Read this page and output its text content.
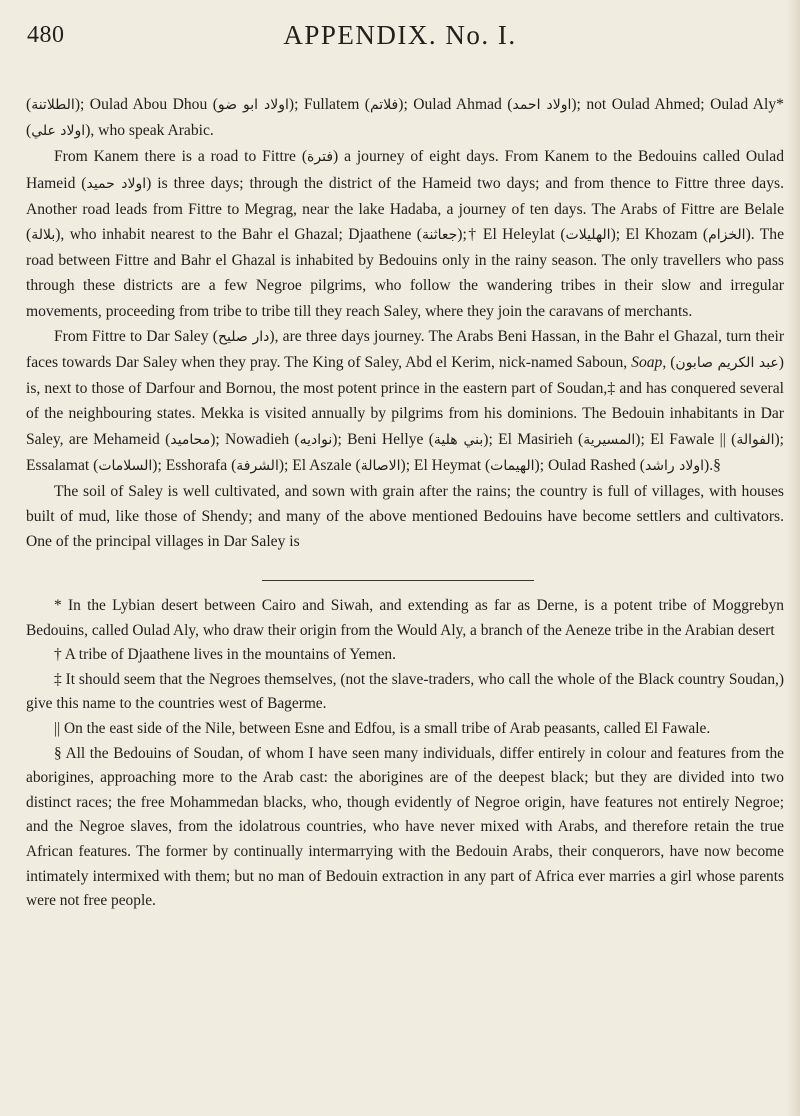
480	APPENDIX. No. I.

(الطلاتنة); Oulad Abou Dhou (اولاد ابو ضو); Fullatem (فلاتم); Oulad Ahmad (اولاد احمد); not Oulad Ahmed; Oulad Aly* (اولاد علي), who speak Arabic.

From Kanem there is a road to Fittre (فترة) a journey of eight days. From Kanem to the Bedouins called Oulad Hameid (اولاد حميد) is three days; through the district of the Hameid two days; and from thence to Fittre three days. Another road leads from Fittre to Megrag, near the lake Hadaba, a journey of ten days. The Arabs of Fittre are Belale (بلالة), who inhabit nearest to the Bahr el Ghazal; Djaathene (جعاثنة);† El Heleylat (الهليلات); El Khozam (الخزام). The road between Fittre and Bahr el Ghazal is inhabited by Bedouins only in the rainy season. The only travellers who pass through these districts are a few Negroe pilgrims, who follow the wandering tribes in their slow and irregular movements, proceeding from tribe to tribe till they reach Saley, where they join the caravans of merchants.

From Fittre to Dar Saley (دار صليح), are three days journey. The Arabs Beni Hassan, in the Bahr el Ghazal, turn their faces towards Dar Saley when they pray. The King of Saley, Abd el Kerim, nick-named Saboun, Soap, (عبد الكريم صابون) is, next to those of Darfour and Bornou, the most potent prince in the eastern part of Soudan,‡ and has conquered several of the neighbouring states. Mekka is visited annually by pilgrims from his dominions. The Bedouin inhabitants in Dar Saley, are Mehameid (محاميد); Nowadieh (نواديه); Beni Hellye (بني هلية); El Masirieh (المسيرية); El Fawale || (الفوالة); Essalamat (السلامات); Esshorafa (الشرفة); El Aszale (الاصالة); El Heymat (الهيمات); Oulad Rashed (اولاد راشد).§

The soil of Saley is well cultivated, and sown with grain after the rains; the country is full of villages, with houses built of mud, like those of Shendy; and many of the above mentioned Bedouins have become settlers and cultivators. One of the principal villages in Dar Saley is

* In the Lybian desert between Cairo and Siwah, and extending as far as Derne, is a potent tribe of Moggrebyn Bedouins, called Oulad Aly, who draw their origin from the Would Aly, a branch of the Aeneze tribe in the Arabian desert

† A tribe of Djaathene lives in the mountains of Yemen.

‡ It should seem that the Negroes themselves, (not the slave-traders, who call the whole of the Black country Soudan,) give this name to the countries west of Bagerme.

|| On the east side of the Nile, between Esne and Edfou, is a small tribe of Arab peasants, called El Fawale.

§ All the Bedouins of Soudan, of whom I have seen many individuals, differ entirely in colour and features from the aborigines, approaching more to the Arab cast: the aborigines are of the deepest black; but they are divided into two distinct races; the free Mohammedan blacks, who, though evidently of Negroe origin, have features not entirely Negroe; and the Negroe slaves, from the idolatrous countries, who have never mixed with Arabs, and therefore retain the true African features. The former by continually intermarrying with the Bedouin Arabs, their conquerors, have now become intimately intermixed with them; but no man of Bedouin extraction in any part of Africa ever marries a girl whose parents were not free people.
